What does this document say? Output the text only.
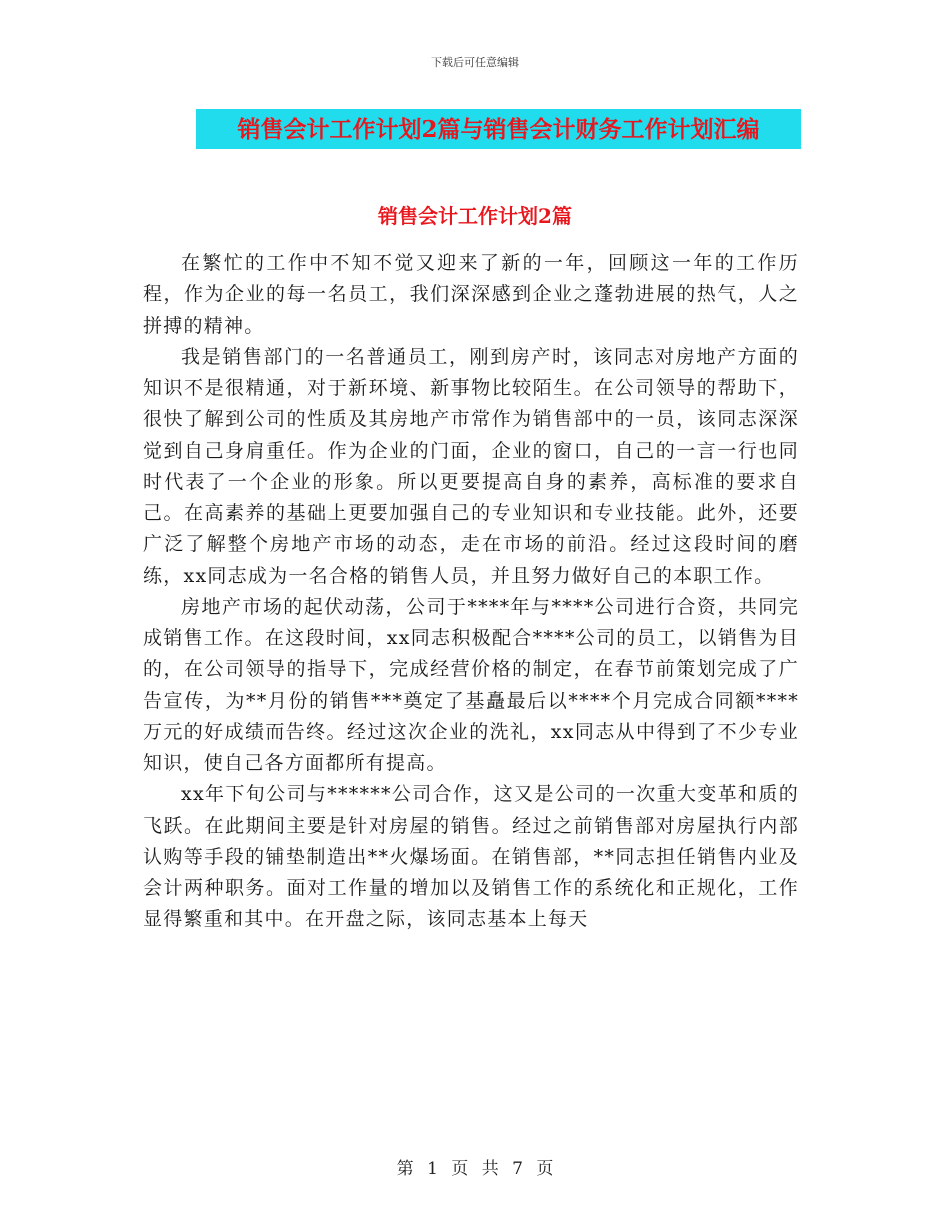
下载后可任意编辑
销售会计工作计划2篇与销售会计财务工作计划汇编
销售会计工作计划2篇

在繁忙的工作中不知不觉又迎来了新的一年，回顾这一年的工作历程，作为企业的每一名员工，我们深深感到企业之蓬勃进展的热气，人之拼搏的精神。

我是销售部门的一名普通员工，刚到房产时，该同志对房地产方面的知识不是很精通，对于新环境、新事物比较陌生。在公司领导的帮助下，很快了解到公司的性质及其房地产市常作为销售部中的一员，该同志深深觉到自己身肩重任。作为企业的门面，企业的窗口，自己的一言一行也同时代表了一个企业的形象。所以更要提高自身的素养，高标准的要求自己。在高素养的基础上更要加强自己的专业知识和专业技能。此外，还要广泛了解整个房地产市场的动态，走在市场的前沿。经过这段时间的磨练，xx同志成为一名合格的销售人员，并且努力做好自己的本职工作。

房地产市场的起伏动荡，公司于****年与****公司进行合资，共同完成销售工作。在这段时间，xx同志积极配合****公司的员工，以销售为目的，在公司领导的指导下，完成经营价格的制定，在春节前策划完成了广告宣传，为**月份的销售***奠定了基矗最后以****个月完成合同额****万元的好成绩而告终。经过这次企业的洗礼，xx同志从中得到了不少专业知识，使自己各方面都所有提高。

xx年下旬公司与******公司合作，这又是公司的一次重大变革和质的飞跃。在此期间主要是针对房屋的销售。经过之前销售部对房屋执行内部认购等手段的铺垫制造出**火爆场面。在销售部，**同志担任销售内业及会计两种职务。面对工作量的增加以及销售工作的系统化和正规化，工作显得繁重和其中。在开盘之际，该同志基本上每天

第 1 页 共 7 页
